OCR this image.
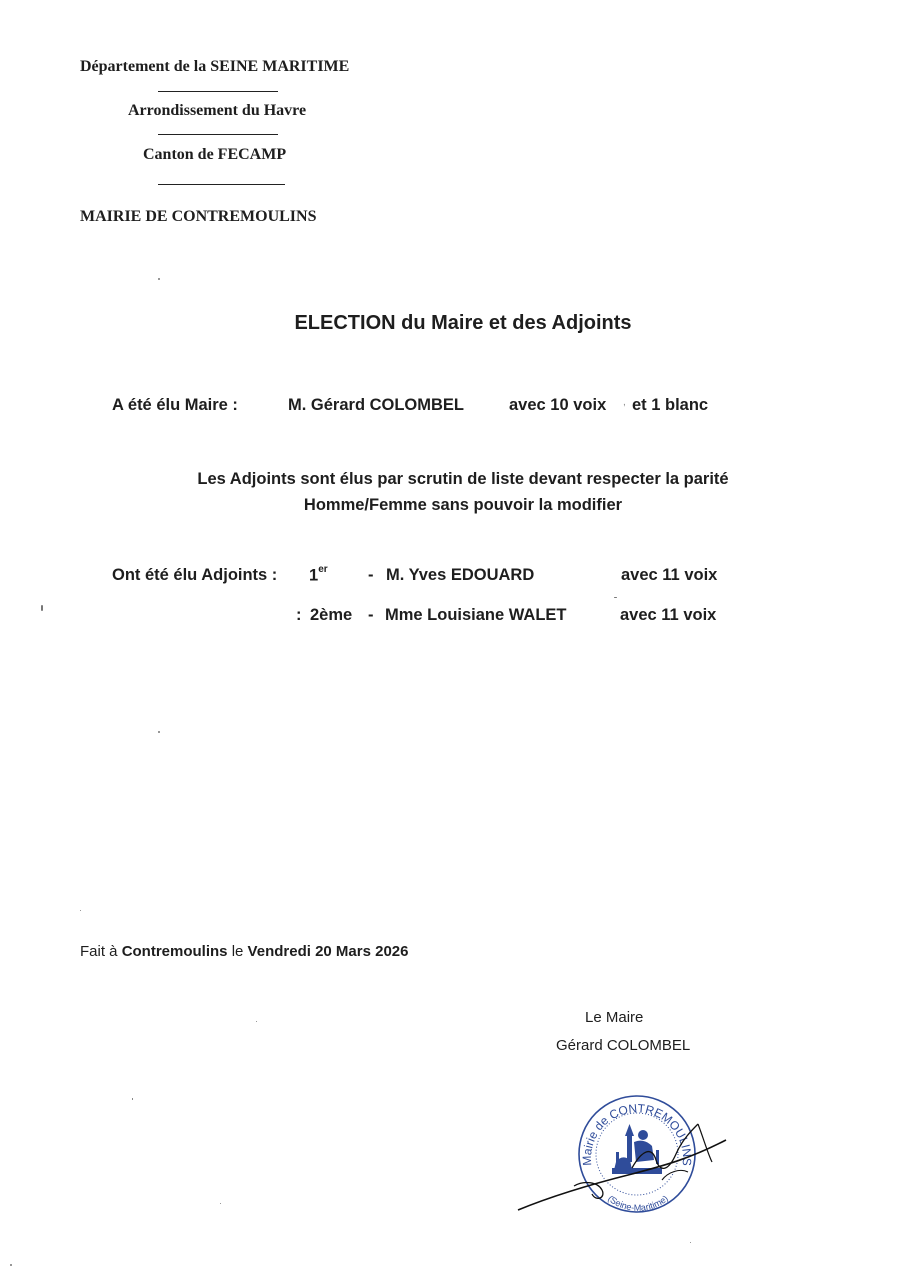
Département de la SEINE MARITIME
Arrondissement du Havre
Canton de FECAMP
MAIRIE DE CONTREMOULINS
ELECTION du Maire et des Adjoints
A été élu Maire :	M. Gérard COLOMBEL	avec 10 voix , et 1 blanc
Les Adjoints sont élus par scrutin de liste devant respecter la parité
Homme/Femme sans pouvoir la modifier
Ont été élu Adjoints : 1er - M. Yves EDOUARD	avec 11 voix
: 2ème - Mme Louisiane WALET	avec 11 voix
Fait à Contremoulins le Vendredi 20 Mars 2026
Le Maire
Gérard COLOMBEL
Mairie de CONTREMOULINS
(Seine-Maritime)
